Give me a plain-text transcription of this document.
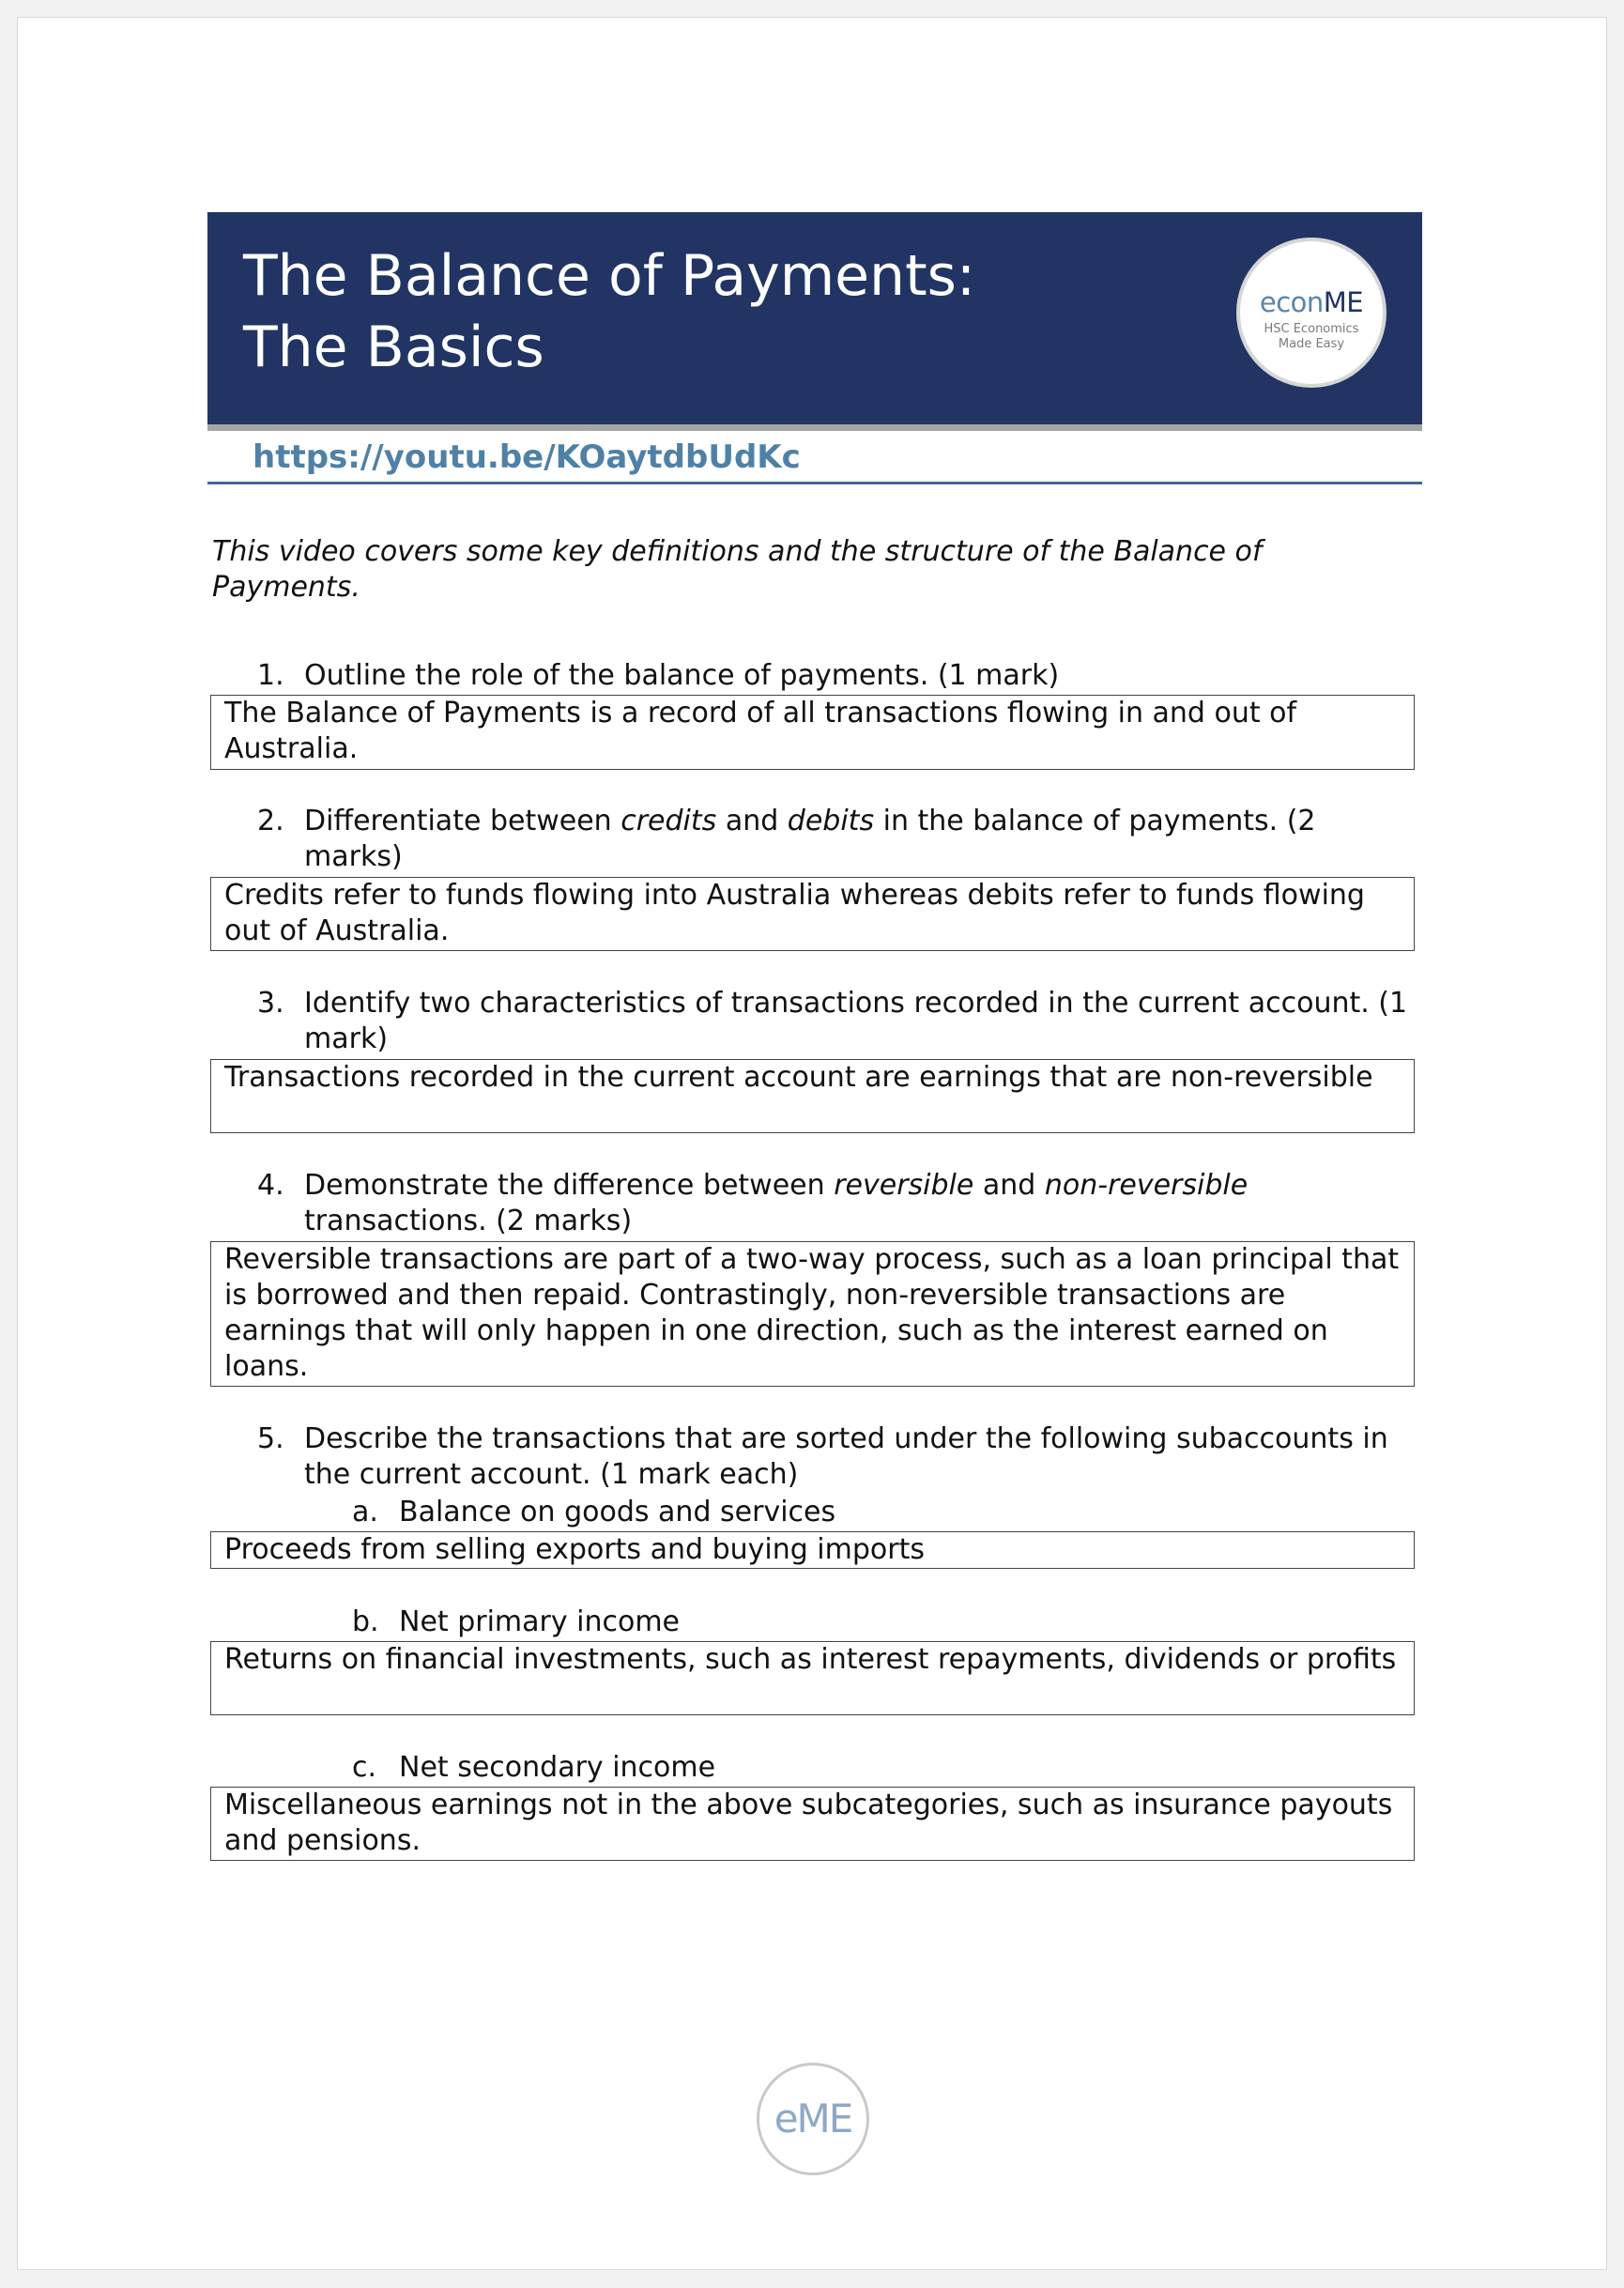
The Balance of Payments:
The Basics
econME
HSC Economics
Made Easy
https://youtu.be/KOaytdbUdKc

This video covers some key definitions and the structure of the Balance of Payments.

1. Outline the role of the balance of payments. (1 mark)
The Balance of Payments is a record of all transactions flowing in and out of Australia.
2. Differentiate between credits and debits in the balance of payments. (2 marks)
Credits refer to funds flowing into Australia whereas debits refer to funds flowing out of Australia.
3. Identify two characteristics of transactions recorded in the current account. (1 mark)
Transactions recorded in the current account are earnings that are non-reversible
4. Demonstrate the difference between reversible and non-reversible transactions. (2 marks)
Reversible transactions are part of a two-way process, such as a loan principal that is borrowed and then repaid. Contrastingly, non-reversible transactions are earnings that will only happen in one direction, such as the interest earned on loans.
5. Describe the transactions that are sorted under the following subaccounts in the current account. (1 mark each)
a. Balance on goods and services
Proceeds from selling exports and buying imports
b. Net primary income
Returns on financial investments, such as interest repayments, dividends or profits
c. Net secondary income
Miscellaneous earnings not in the above subcategories, such as insurance payouts and pensions.
eME
